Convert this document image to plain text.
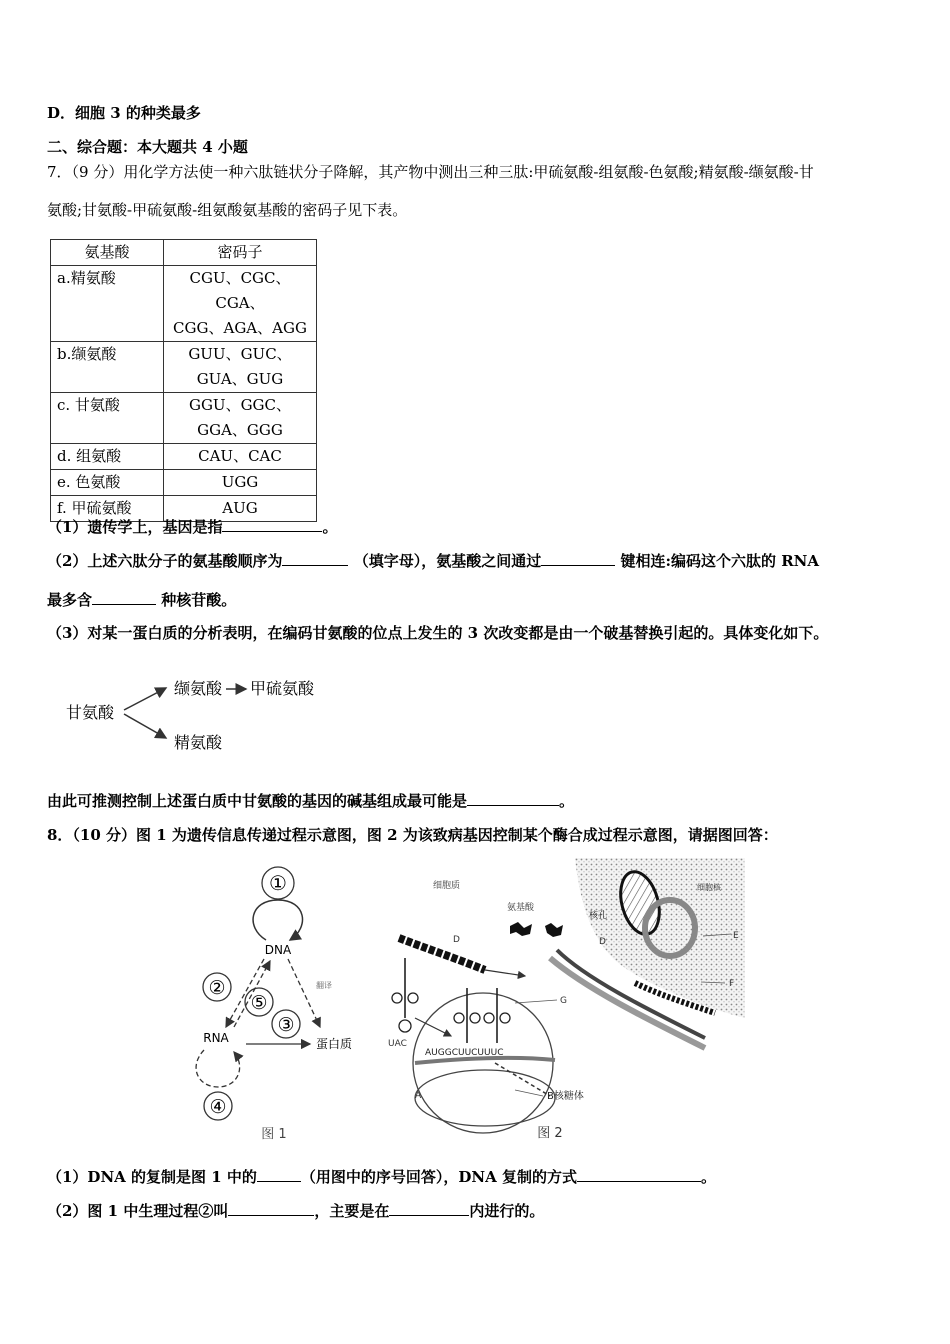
D．细胞 3 的种类最多
二、综合题：本大题共 4 小题
7．（9 分）用化学方法使一种六肽链状分子降解，其产物中测出三种三肽:甲硫氨酸-组氨酸-色氨酸;精氨酸-缬氨酸-甘
氨酸;甘氨酸-甲硫氨酸-组氨酸氨基酸的密码子见下表。
氨基酸	密码子
a.精氨酸	CGU、CGC、CGA、
CGG、AGA、AGG

b.缬氨酸	GUU、GUC、
GUA、GUG

c. 甘氨酸	GGU、GGC、
GGA、GGG

d. 组氨酸	CAU、CAC
e. 色氨酸	UGG
f. 甲硫氨酸	AUG
（1）遗传学上，基因是指	。
（2）上述六肽分子的氨基酸顺序为	（填字母），氨基酸之间通过	键相连:编码这个六肽的 RNA
最多含	种核苷酸。
（3）对某一蛋白质的分析表明，在编码甘氨酸的位点上发生的 3 次改变都是由一个破基替换引起的。具体变化如下。
甘氨酸
缬氨酸 甲硫氨酸
精氨酸
由此可推测控制上述蛋白质中甘氨酸的基因的碱基组成最可能是	。
8．（10 分）图 1 为遗传信息传递过程示意图，图 2 为该致病基因控制某个酶合成过程示意图，请据图回答：
①
DNA
翻译
②
⑤
③
RNA	蛋白质
④
图 1
细胞核
核孔
D
E
F
细胞质
氨基酸
D
UAC
G
AUGGCUUCUUUC
A	B核糖体
图 2
（1）DNA 的复制是图 1 中的	（用图中的序号回答），DNA 复制的方式	。
（2）图 1 中生理过程②叫	，主要是在	内进行的。
